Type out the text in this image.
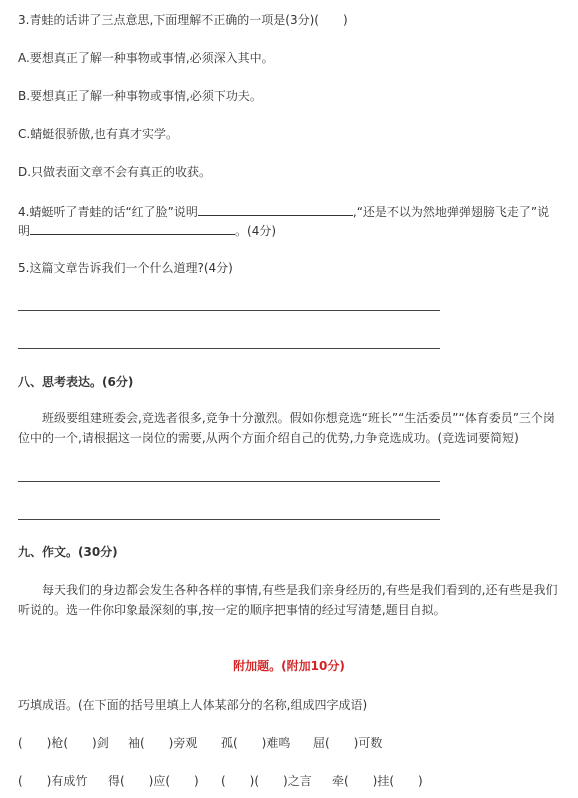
3.青蛙的话讲了三点意思,下面理解不正确的一项是(3分)(　　)
A.要想真正了解一种事物或事情,必须深入其中。
B.要想真正了解一种事物或事情,必须下功夫。
C.蜻蜓很骄傲,也有真才实学。
D.只做表面文章不会有真正的收获。
4.蜻蜓听了青蛙的话“红了脸”说明	,“还是不以为然地弹弹翅膀飞走了”说
明	。(4分)
5.这篇文章告诉我们一个什么道理?(4分)
八、思考表达。(6分)
班级要组建班委会,竞选者很多,竞争十分激烈。假如你想竞选“班长”“生活委员”“体育委员”三个岗位中的一个,请根据这一岗位的需要,从两个方面介绍自己的优势,力争竞选成功。(竞选词要简短)
九、作文。(30分)
每天我们的身边都会发生各种各样的事情,有些是我们亲身经历的,有些是我们看到的,还有些是我们听说的。选一件你印象最深刻的事,按一定的顺序把事情的经过写清楚,题目自拟。
附加题。(附加10分)
巧填成语。(在下面的括号里填上人体某部分的名称,组成四字成语)
(　　)枪(　　)剑	袖(　　)旁观	孤(　　)难鸣	屈(　　)可数
(　　)有成竹	得(　　)应(　　)	(　　)(　　)之言	牵(　　)挂(　　)
